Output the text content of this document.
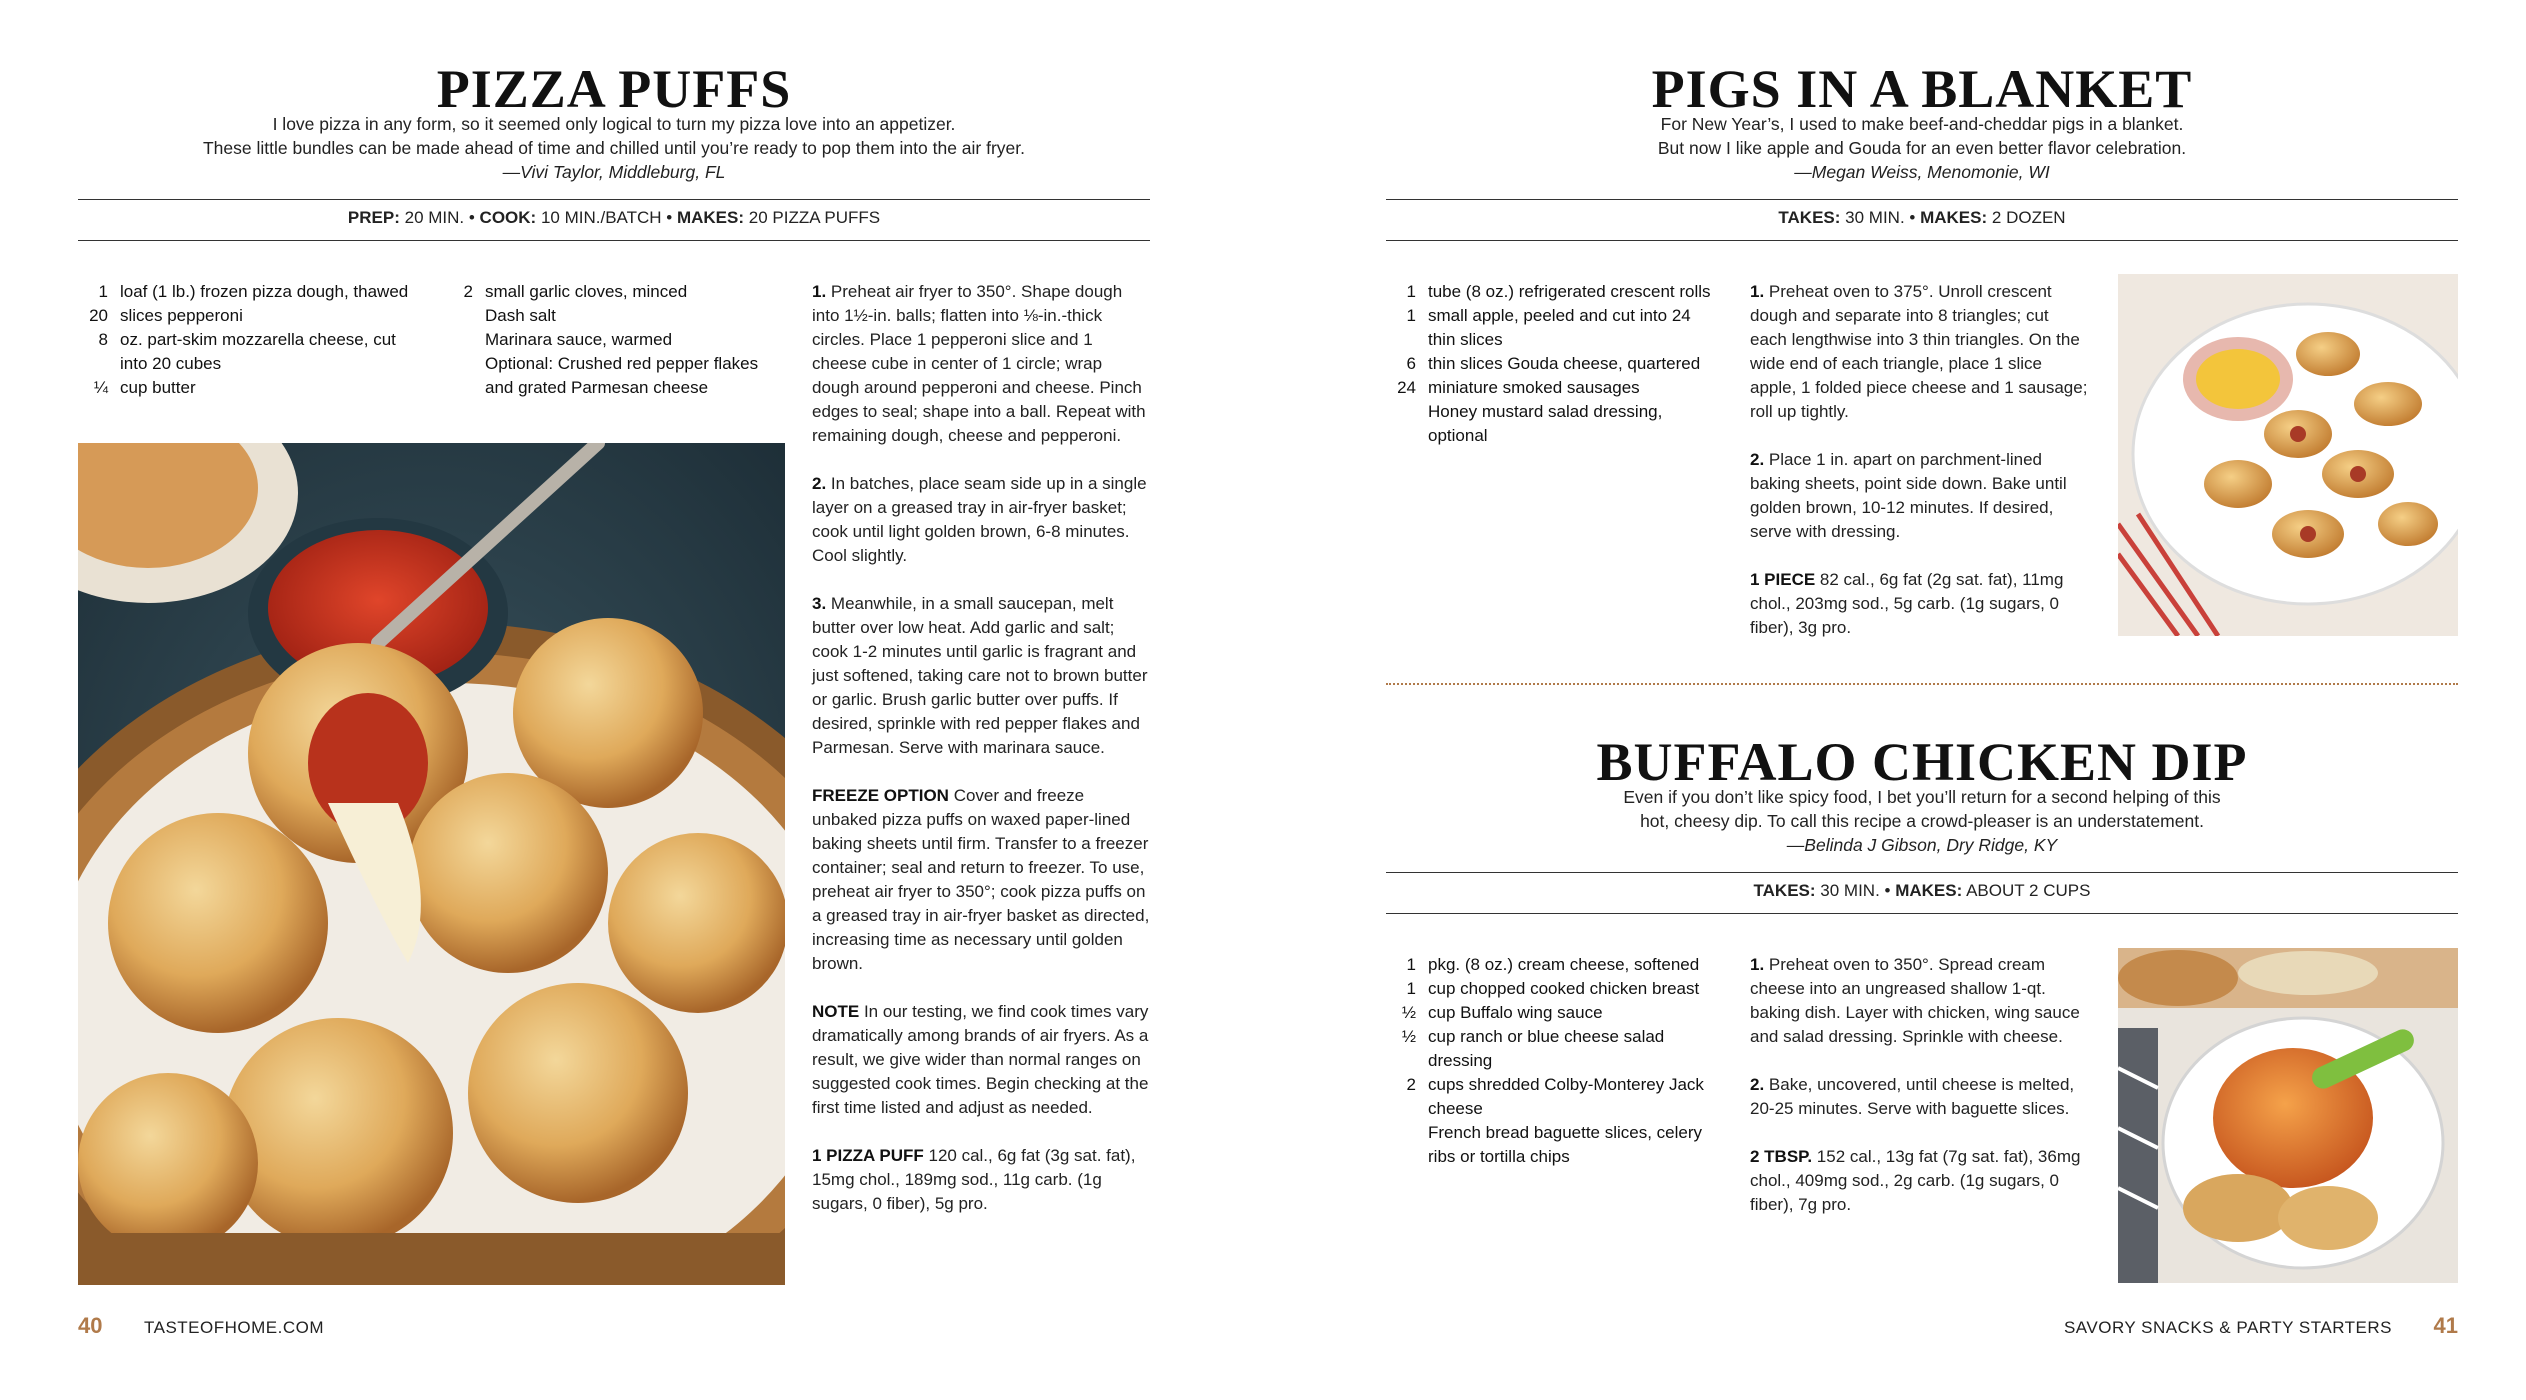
PIZZA PUFFS
I love pizza in any form, so it seemed only logical to turn my pizza love into an appetizer.
These little bundles can be made ahead of time and chilled until you’re ready to pop them into the air fryer.
—Vivi Taylor, Middleburg, FL
PREP: 20 MIN. • COOK: 10 MIN./BATCH • MAKES: 20 PIZZA PUFFS
1 loaf (1 lb.) frozen pizza dough, thawed
20 slices pepperoni
8 oz. part-skim mozzarella cheese, cut into 20 cubes
¼ cup butter
2 small garlic cloves, minced
Dash salt
Marinara sauce, warmed
Optional: Crushed red pepper flakes and grated Parmesan cheese

1. Preheat air fryer to 350°. Shape dough into 1½-in. balls; flatten into ⅛-in.-thick circles. Place 1 pepperoni slice and 1 cheese cube in center of 1 circle; wrap dough around pepperoni and cheese. Pinch edges to seal; shape into a ball. Repeat with remaining dough, cheese and pepperoni.

2. In batches, place seam side up in a single layer on a greased tray in air-fryer basket; cook until light golden brown, 6-8 minutes. Cool slightly.

3. Meanwhile, in a small saucepan, melt butter over low heat. Add garlic and salt; cook 1-2 minutes until garlic is fragrant and just softened, taking care not to brown butter or garlic. Brush garlic butter over puffs. If desired, sprinkle with red pepper flakes and Parmesan. Serve with marinara sauce.

FREEZE OPTION Cover and freeze unbaked pizza puffs on waxed paper-lined baking sheets until firm. Transfer to a freezer container; seal and return to freezer. To use, preheat air fryer to 350°; cook pizza puffs on a greased tray in air-fryer basket as directed, increasing time as necessary until golden brown.

NOTE In our testing, we find cook times vary dramatically among brands of air fryers. As a result, we give wider than normal ranges on suggested cook times. Begin checking at the first time listed and adjust as needed.

1 PIZZA PUFF 120 cal., 6g fat (3g sat. fat), 15mg chol., 189mg sod., 11g carb. (1g sugars, 0 fiber), 5g pro.

40 TASTEOFHOME.COM
PIGS IN A BLANKET
For New Year’s, I used to make beef-and-cheddar pigs in a blanket.
But now I like apple and Gouda for an even better flavor celebration.
—Megan Weiss, Menomonie, WI
TAKES: 30 MIN. • MAKES: 2 DOZEN
1 tube (8 oz.) refrigerated crescent rolls
1 small apple, peeled and cut into 24 thin slices
6 thin slices Gouda cheese, quartered
24 miniature smoked sausages
Honey mustard salad dressing, optional

1. Preheat oven to 375°. Unroll crescent dough and separate into 8 triangles; cut each lengthwise into 3 thin triangles. On the wide end of each triangle, place 1 slice apple, 1 folded piece cheese and 1 sausage; roll up tightly.

2. Place 1 in. apart on parchment-lined baking sheets, point side down. Bake until golden brown, 10-12 minutes. If desired, serve with dressing.

1 PIECE 82 cal., 6g fat (2g sat. fat), 11mg chol., 203mg sod., 5g carb. (1g sugars, 0 fiber), 3g pro.

BUFFALO CHICKEN DIP
Even if you don’t like spicy food, I bet you’ll return for a second helping of this
hot, cheesy dip. To call this recipe a crowd-pleaser is an understatement.
—Belinda J Gibson, Dry Ridge, KY
TAKES: 30 MIN. • MAKES: ABOUT 2 CUPS
1 pkg. (8 oz.) cream cheese, softened
1 cup chopped cooked chicken breast
½ cup Buffalo wing sauce
½ cup ranch or blue cheese salad dressing
2 cups shredded Colby-Monterey Jack cheese
French bread baguette slices, celery ribs or tortilla chips

1. Preheat oven to 350°. Spread cream cheese into an ungreased shallow 1-qt. baking dish. Layer with chicken, wing sauce and salad dressing. Sprinkle with cheese.

2. Bake, uncovered, until cheese is melted, 20-25 minutes. Serve with baguette slices.

2 TBSP. 152 cal., 13g fat (7g sat. fat), 36mg chol., 409mg sod., 2g carb. (1g sugars, 0 fiber), 7g pro.

SAVORY SNACKS & PARTY STARTERS 41
